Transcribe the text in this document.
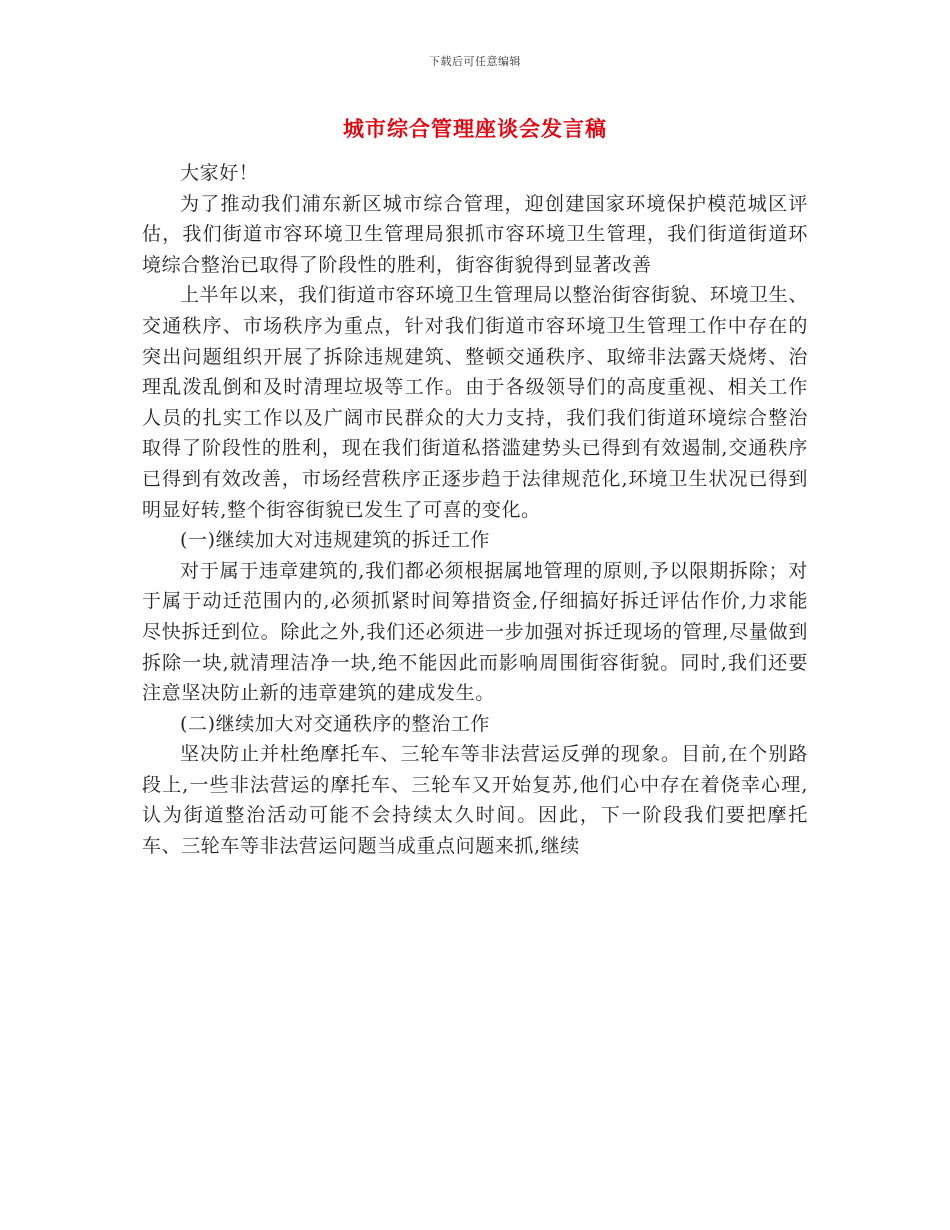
下载后可任意编辑
城市综合管理座谈会发言稿

大家好！

为了推动我们浦东新区城市综合管理，迎创建国家环境保护模范城区评估，我们街道市容环境卫生管理局狠抓市容环境卫生管理，我们街道街道环境综合整治已取得了阶段性的胜利，街容街貌得到显著改善

上半年以来，我们街道市容环境卫生管理局以整治街容街貌、环境卫生、交通秩序、市场秩序为重点，针对我们街道市容环境卫生管理工作中存在的突出问题组织开展了拆除违规建筑、整顿交通秩序、取缔非法露天烧烤、治理乱泼乱倒和及时清理垃圾等工作。由于各级领导们的高度重视、相关工作人员的扎实工作以及广阔市民群众的大力支持，我们我们街道环境综合整治取得了阶段性的胜利，现在我们街道私搭滥建势头已得到有效遏制,交通秩序已得到有效改善，市场经营秩序正逐步趋于法律规范化,环境卫生状况已得到明显好转,整个街容街貌已发生了可喜的变化。

(一)继续加大对违规建筑的拆迁工作

对于属于违章建筑的,我们都必须根据属地管理的原则,予以限期拆除；对于属于动迁范围内的,必须抓紧时间筹措资金,仔细搞好拆迁评估作价,力求能尽快拆迁到位。除此之外,我们还必须进一步加强对拆迁现场的管理,尽量做到拆除一块,就清理洁净一块,绝不能因此而影响周围街容街貌。同时,我们还要注意坚决防止新的违章建筑的建成发生。

(二)继续加大对交通秩序的整治工作

坚决防止并杜绝摩托车、三轮车等非法营运反弹的现象。目前,在个别路段上,一些非法营运的摩托车、三轮车又开始复苏,他们心中存在着侥幸心理,认为街道整治活动可能不会持续太久时间。因此，下一阶段我们要把摩托车、三轮车等非法营运问题当成重点问题来抓,继续
